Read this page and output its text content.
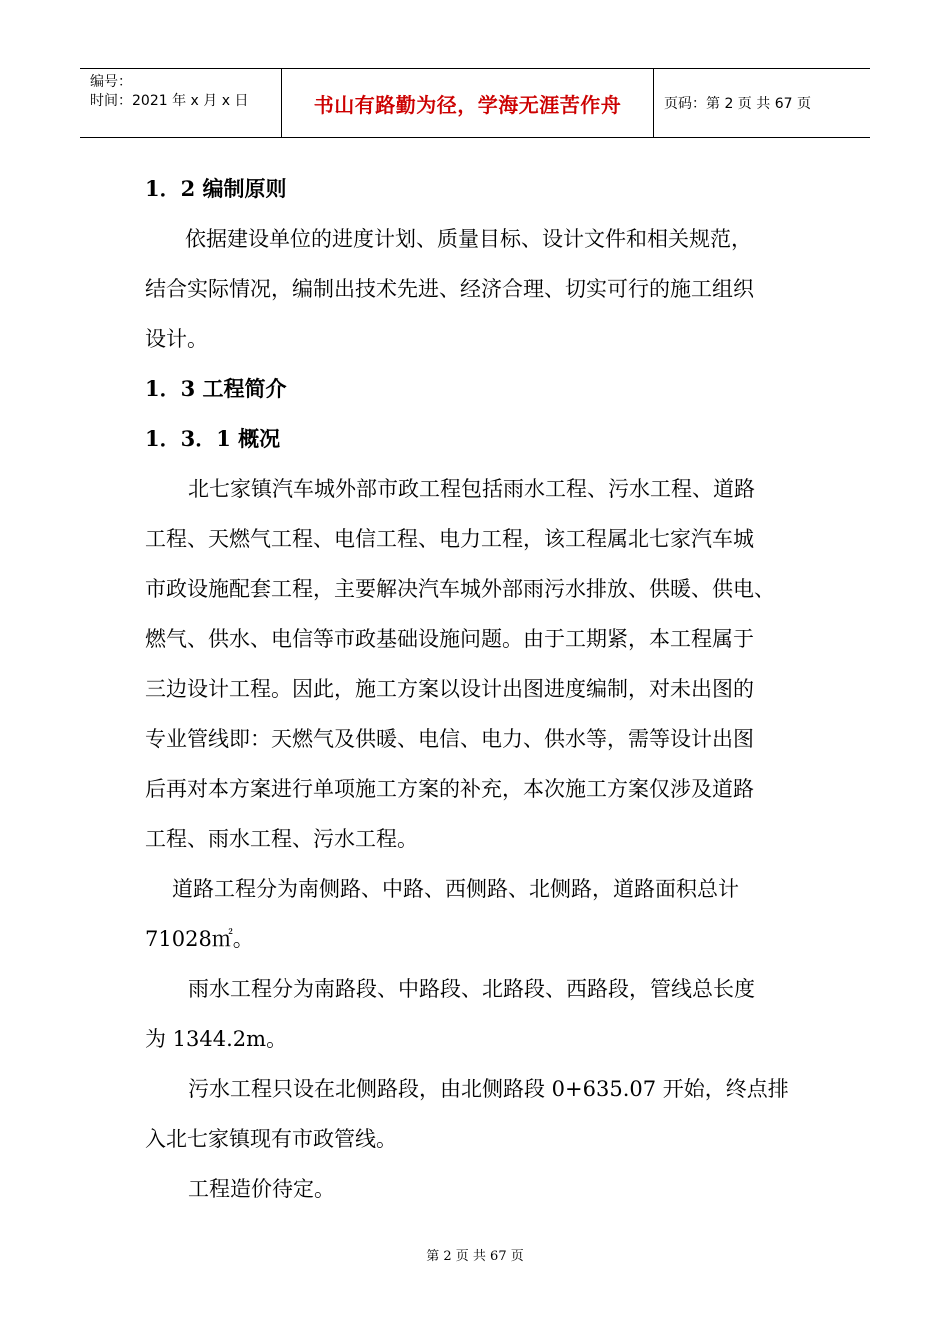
编号：
时间：2021 年 x 月 x 日	书山有路勤为径，学海无涯苦作舟	页码：第 2 页 共 67 页
1．2 编制原则
依据建设单位的进度计划、质量目标、设计文件和相关规范，
结合实际情况，编制出技术先进、经济合理、切实可行的施工组织
设计。
1．3 工程简介
1．3．1 概况
北七家镇汽车城外部市政工程包括雨水工程、污水工程、道路
工程、天燃气工程、电信工程、电力工程，该工程属北七家汽车城
市政设施配套工程，主要解决汽车城外部雨污水排放、供暖、供电、
燃气、供水、电信等市政基础设施问题。由于工期紧，本工程属于
三边设计工程。因此，施工方案以设计出图进度编制，对未出图的
专业管线即：天燃气及供暖、电信、电力、供水等，需等设计出图
后再对本方案进行单项施工方案的补充，本次施工方案仅涉及道路
工程、雨水工程、污水工程。
道路工程分为南侧路、中路、西侧路、北侧路，道路面积总计
71028㎡。
雨水工程分为南路段、中路段、北路段、西路段，管线总长度
为 1344.2m。
污水工程只设在北侧路段，由北侧路段 0+635.07 开始，终点排
入北七家镇现有市政管线。
工程造价待定。
第 2 页 共 67 页
